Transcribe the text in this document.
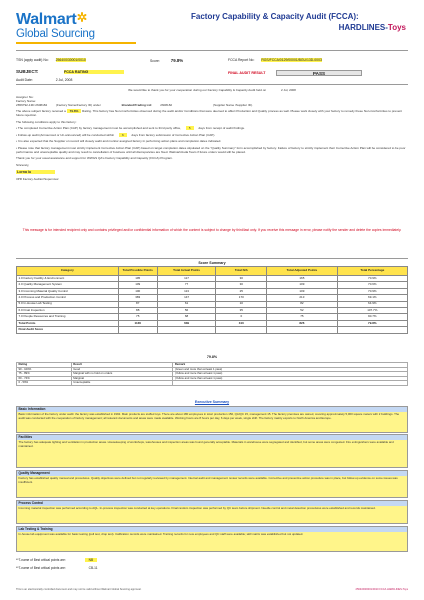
Walmart
Global Sourcing
Factory Capability & Capacity Audit (FCCA):
HARDLINES-Toys
TSN (apply audit) No: 2564/0030001/0010	Score: 79.8%	FCCA Report No: RGS/FCCA/0129/00001/BGU/13D-0003
SUBJECT:	FCCA RATING	FINAL AUDIT RESULT	PASS
Audit Date:	2 Jul, 2008

We would like to thank you for your cooperation during our Factory Capability & Capacity Audit held on	2 Jul, 2008

Assigner No:
Factory Name:
2656792-13D 2608182	(Factory Name/Factory ID) under	Branded/Trading Ltd	2608182	(Supplier Name /Supplier ID).

The above subject factory received a 79.8% Rating. This factory has Non-Conformities observed during the audit and/or Conditions that were deemed to affect Production and Quality process as well. Please work closely with your factory to remedy these Non-Conformities to prevent future rejection.

The following conditions apply to this factory:

• The completed Corrective Action Plan (CAP) by factory management must be accomplished and sent to third party office,	5	days from receipt of audit findings.

• Follow-up audit (Announced or Un-announced) will be conducted within	6	days from factory submission of Corrective Action Plan (CAP).

• It is also expected that the Supplier on record will closely audit and monitor assigned factory in performing action plans and completion dates indicated.

• Please note that factory management must strictly implement Corrective Action Plan (CAP) based on target completion dates stipulated on the "Quality Summary" form accomplished by factory. Failure of factory to strictly implement their Corrective Action Plan will be considered to be poor performance and unacceptable quality and may result to cancellation of business until all discrepancies are fixed. Walmart/Asda Team if future orders would still be placed.

Thank you for your usual assistance and support for WWGS QA's Factory Capability and Capacity (FCCA) Program.

Sincerely,

Lorna lu

3PR Factory Auditor/Supervisor

This message is for intended recipient only and contains privileged and/or confidential information of which the content is subject to change by third/last only. If you receive this message in error, please notify the sender and delete the copies immediately.
Score Summary
Category	Total Possible Points	Total Actual Points	Total N/A	Total Adjusted Points	Total Percentage
1.0 Factory Facility & Environment	195	117	30	165	70.9%
2.0 Quality Management System	109	77	30	109	70.6%
3.0 Incoming Material Quality Control	100	113	25	109	70.9%
4.0 Process and Production Control	383	147	170	213	69.1%
5.0 In-House Lab Testing	87	61	10	82	64.9%
6.0 Final Inspection	88	56	35	52	107.7%
7.0 People Resources and Training	75	68	0	75	90.7%
Total Points	1136	639	310	826	79.8%
Final Audit Score					
79.8%
Rating	Result	Remark
90 - 100%	Good	(Green and more than at least 1 pass)
75 - 89%	Marginal with no hold on orders	(Yellow and more than at least 1 pass)
60 - 74%	Marginal	(Yellow and more than at least 1 pass)
0 - 59%	Unacceptable	
Executive Summary
Basic Information
Basic information of the factory under audit: the factory was established in 1992. Main products are stuffed toys. There are about 180 employees in total: production 150, QA/QC 15, management 15. The factory premises are owned, covering approximately 5,000 square meters with 2 buildings. The audit was conducted with the cooperation of factory management; all relevant documents and areas were made available. Working hours are 8 hours per day, 6 days per week, single shift. The factory mainly exports to North America and Europe.
Facilities
The factory has adequate lighting and ventilation in production areas. Housekeeping of workshops, warehouses and inspection areas was found generally acceptable. Materials in warehouse were segregated and identified, but some areas were congested. Fire extinguishers were available and maintained.
Quality Management
Factory has established quality manual and procedures. Quality objectives were defined but not regularly reviewed by management. Internal audit and management review records were available. Corrective and preventive action procedure was in place, but follow-up evidence on some issues was insufficient.
Process Control
Incoming material inspection was performed according to AQL. In-process inspection was conducted at key operations. Final random inspection was performed by QC team before shipment. Needle control and metal detection procedures were established and records maintained.
Lab Testing & Training
In-house lab equipment was available for basic testing (pull test, drop test). Calibration records were maintained. Training records for new employees and QC staff were available; skill matrix was established but not updated.
**T-name of Best critical points are:	NB
**T-name of Best critical points are:	CB-11
This is an electronically controlled document and may not be valid without Walmart Global Sourcing approval.	2564/0030001/0010 FCCA HARDLINES-Toys
